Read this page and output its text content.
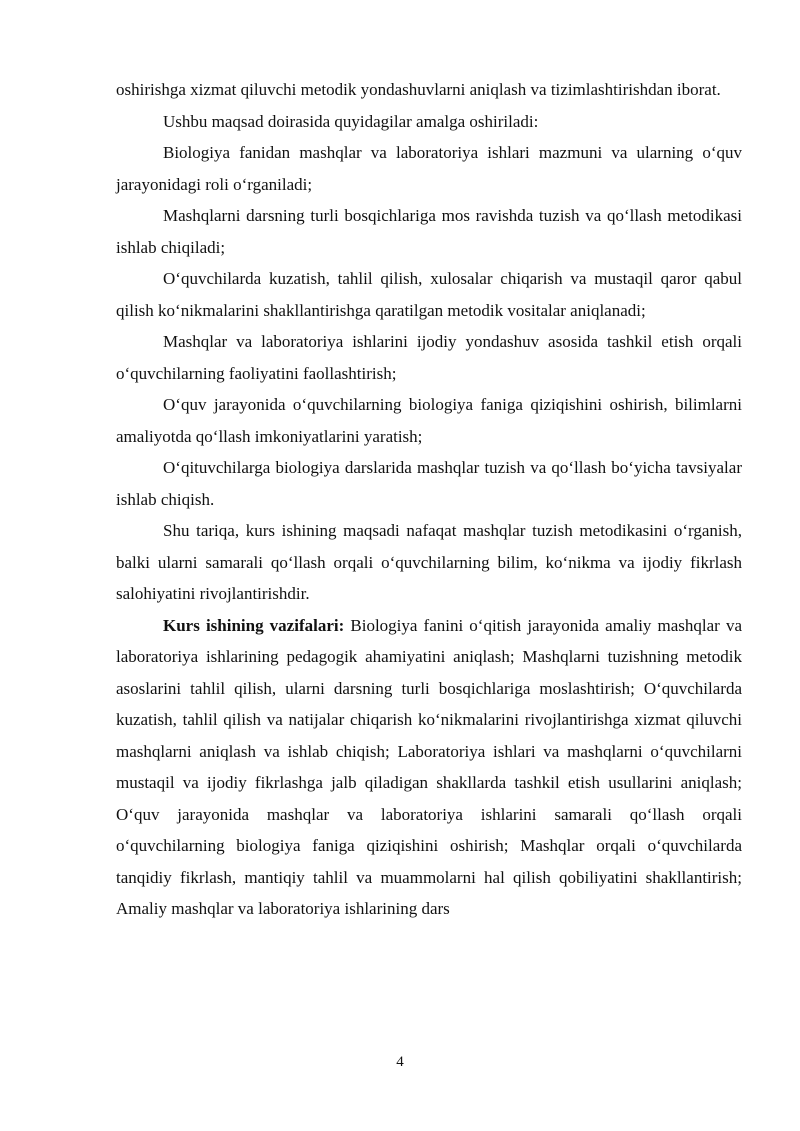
oshirishga xizmat qiluvchi metodik yondashuvlarni aniqlash va tizimlashtirishdan iborat.

Ushbu maqsad doirasida quyidagilar amalga oshiriladi:

Biologiya fanidan mashqlar va laboratoriya ishlari mazmuni va ularning o‘quv jarayonidagi roli o‘rganiladi;

Mashqlarni darsning turli bosqichlariga mos ravishda tuzish va qo‘llash metodikasi ishlab chiqiladi;

O‘quvchilarda kuzatish, tahlil qilish, xulosalar chiqarish va mustaqil qaror qabul qilish ko‘nikmalarini shakllantirishga qaratilgan metodik vositalar aniqlanadi;

Mashqlar va laboratoriya ishlarini ijodiy yondashuv asosida tashkil etish orqali o‘quvchilarning faoliyatini faollashtirish;

O‘quv jarayonida o‘quvchilarning biologiya faniga qiziqishini oshirish, bilimlarni amaliyotda qo‘llash imkoniyatlarini yaratish;

O‘qituvchilarga biologiya darslarida mashqlar tuzish va qo‘llash bo‘yicha tavsiyalar ishlab chiqish.

Shu tariqa, kurs ishining maqsadi nafaqat mashqlar tuzish metodikasini o‘rganish, balki ularni samarali qo‘llash orqali o‘quvchilarning bilim, ko‘nikma va ijodiy fikrlash salohiyatini rivojlantirishdir.

Kurs ishining vazifalari: Biologiya fanini o‘qitish jarayonida amaliy mashqlar va laboratoriya ishlarining pedagogik ahamiyatini aniqlash; Mashqlarni tuzishning metodik asoslarini tahlil qilish, ularni darsning turli bosqichlariga moslashtirish; O‘quvchilarda kuzatish, tahlil qilish va natijalar chiqarish ko‘nikmalarini rivojlantirishga xizmat qiluvchi mashqlarni aniqlash va ishlab chiqish; Laboratoriya ishlari va mashqlarni o‘quvchilarni mustaqil va ijodiy fikrlashga jalb qiladigan shakllarda tashkil etish usullarini aniqlash; O‘quv jarayonida mashqlar va laboratoriya ishlarini samarali qo‘llash orqali o‘quvchilarning biologiya faniga qiziqishini oshirish; Mashqlar orqali o‘quvchilarda tanqidiy fikrlash, mantiqiy tahlil va muammolarni hal qilish qobiliyatini shakllantirish; Amaliy mashqlar va laboratoriya ishlarining dars

4
